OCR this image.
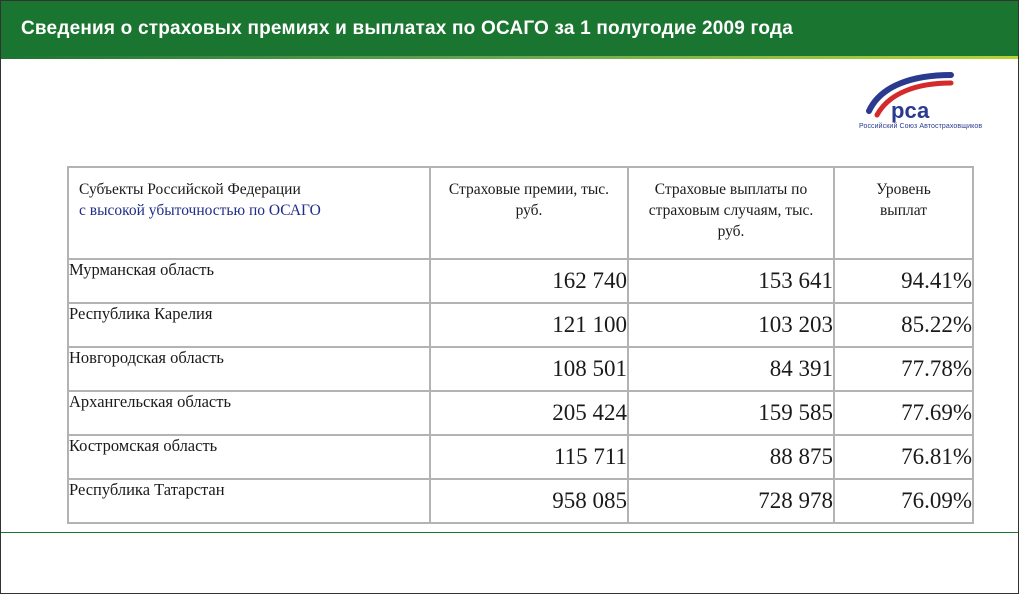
Сведения о страховых премиях и выплатах по ОСАГО за 1 полугодие 2009 года
рса
Российский Союз Автостраховщиков
Субъекты Российской Федерации

с высокой убыточностью по ОСАГО	Страховые премии, тыс. руб.	Страховые выплаты по страховым случаям, тыс. руб.	Уровень выплат

Мурманская область	162 740	153 641	94.41%
Республика Карелия	121 100	103 203	85.22%
Новгородская область	108 501	84 391	77.78%
Архангельская область	205 424	159 585	77.69%
Костромская область	115 711	88 875	76.81%
Республика Татарстан	958 085	728 978	76.09%
